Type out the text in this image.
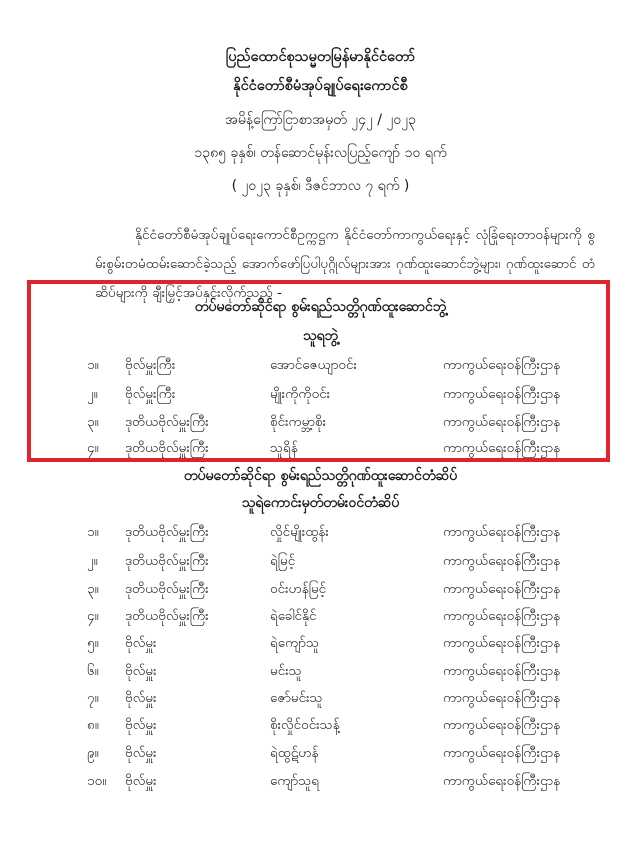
ပြည်ထောင်စုသမ္မတမြန်မာနိုင်ငံတော်
နိုင်ငံတော်စီမံအုပ်ချုပ်ရေးကောင်စီ
အမိန့်ကြော်ငြာစာအမှတ် ၂၄၂ / ၂၀၂၃
၁၃၈၅ ခုနှစ်၊ တန်ဆောင်မုန်းလပြည့်ကျော် ၁၀ ရက်
( ၂၀၂၃ ခုနှစ်၊ ဒီဇင်ဘာလ ၇ ရက် )

နိုင်ငံတော်စီမံအုပ်ချုပ်ရေးကောင်စီဥက္ကဋ္ဌက နိုင်ငံတော်ကာကွယ်ရေးနှင့် လုံခြုံရေးတာဝန်များကို စွမ်းစွမ်းတမံထမ်းဆောင်ခဲ့သည့် အောက်ဖော်ပြပါပုဂ္ဂိုလ်များအား ဂုဏ်ထူးဆောင်ဘွဲ့များ၊ ဂုဏ်ထူးဆောင် တံဆိပ်များကို ချီးမြှင့်အပ်နှင်းလိုက်သည် -

တပ်မတော်ဆိုင်ရာ စွမ်းရည်သတ္တိဂုဏ်ထူးဆောင်ဘွဲ့
သူရဘွဲ့
၁။ ဗိုလ်မှူးကြီး	အောင်ဇေယျာဝင်း	ကာကွယ်ရေးဝန်ကြီးဌာန
၂။ ဗိုလ်မှူးကြီး	မျိုးကိုကိုဝင်း	ကာကွယ်ရေးဝန်ကြီးဌာန
၃။ ဒုတိယဗိုလ်မှူးကြီး	စိုင်းကမ္ဘာ့စိုး	ကာကွယ်ရေးဝန်ကြီးဌာန
၄။ ဒုတိယဗိုလ်မှူးကြီး	သူရိန်	ကာကွယ်ရေးဝန်ကြီးဌာန
တပ်မတော်ဆိုင်ရာ စွမ်းရည်သတ္တိဂုဏ်ထူးဆောင်တံဆိပ်
သူရဲကောင်းမှတ်တမ်းဝင်တံဆိပ်
၁။ ဒုတိယဗိုလ်မှူးကြီး	လှိုင်မျိုးထွန်း	ကာကွယ်ရေးဝန်ကြီးဌာန
၂။ ဒုတိယဗိုလ်မှူးကြီး	ရဲမြင့်	ကာကွယ်ရေးဝန်ကြီးဌာန
၃။ ဒုတိယဗိုလ်မှူးကြီး	ဝင်းဟန်မြင့်	ကာကွယ်ရေးဝန်ကြီးဌာန
၄။ ဒုတိယဗိုလ်မှူးကြီး	ရဲခေါင်နိုင်	ကာကွယ်ရေးဝန်ကြီးဌာန
၅။ ဗိုလ်မှူး	ရဲကျော်သူ	ကာကွယ်ရေးဝန်ကြီးဌာန
၆။ ဗိုလ်မှူး	မင်းသူ	ကာကွယ်ရေးဝန်ကြီးဌာန
၇။ ဗိုလ်မှူး	ဇော်မင်းသူ	ကာကွယ်ရေးဝန်ကြီးဌာန
၈။ ဗိုလ်မှူး	စိုးလှိုင်ဝင်းသန့်	ကာကွယ်ရေးဝန်ကြီးဌာန
၉။ ဗိုလ်မှူး	ရဲထွဋ်ဟန်	ကာကွယ်ရေးဝန်ကြီးဌာန
၁၀။ ဗိုလ်မှူး	ကျော်သူရ	ကာကွယ်ရေးဝန်ကြီးဌာန
